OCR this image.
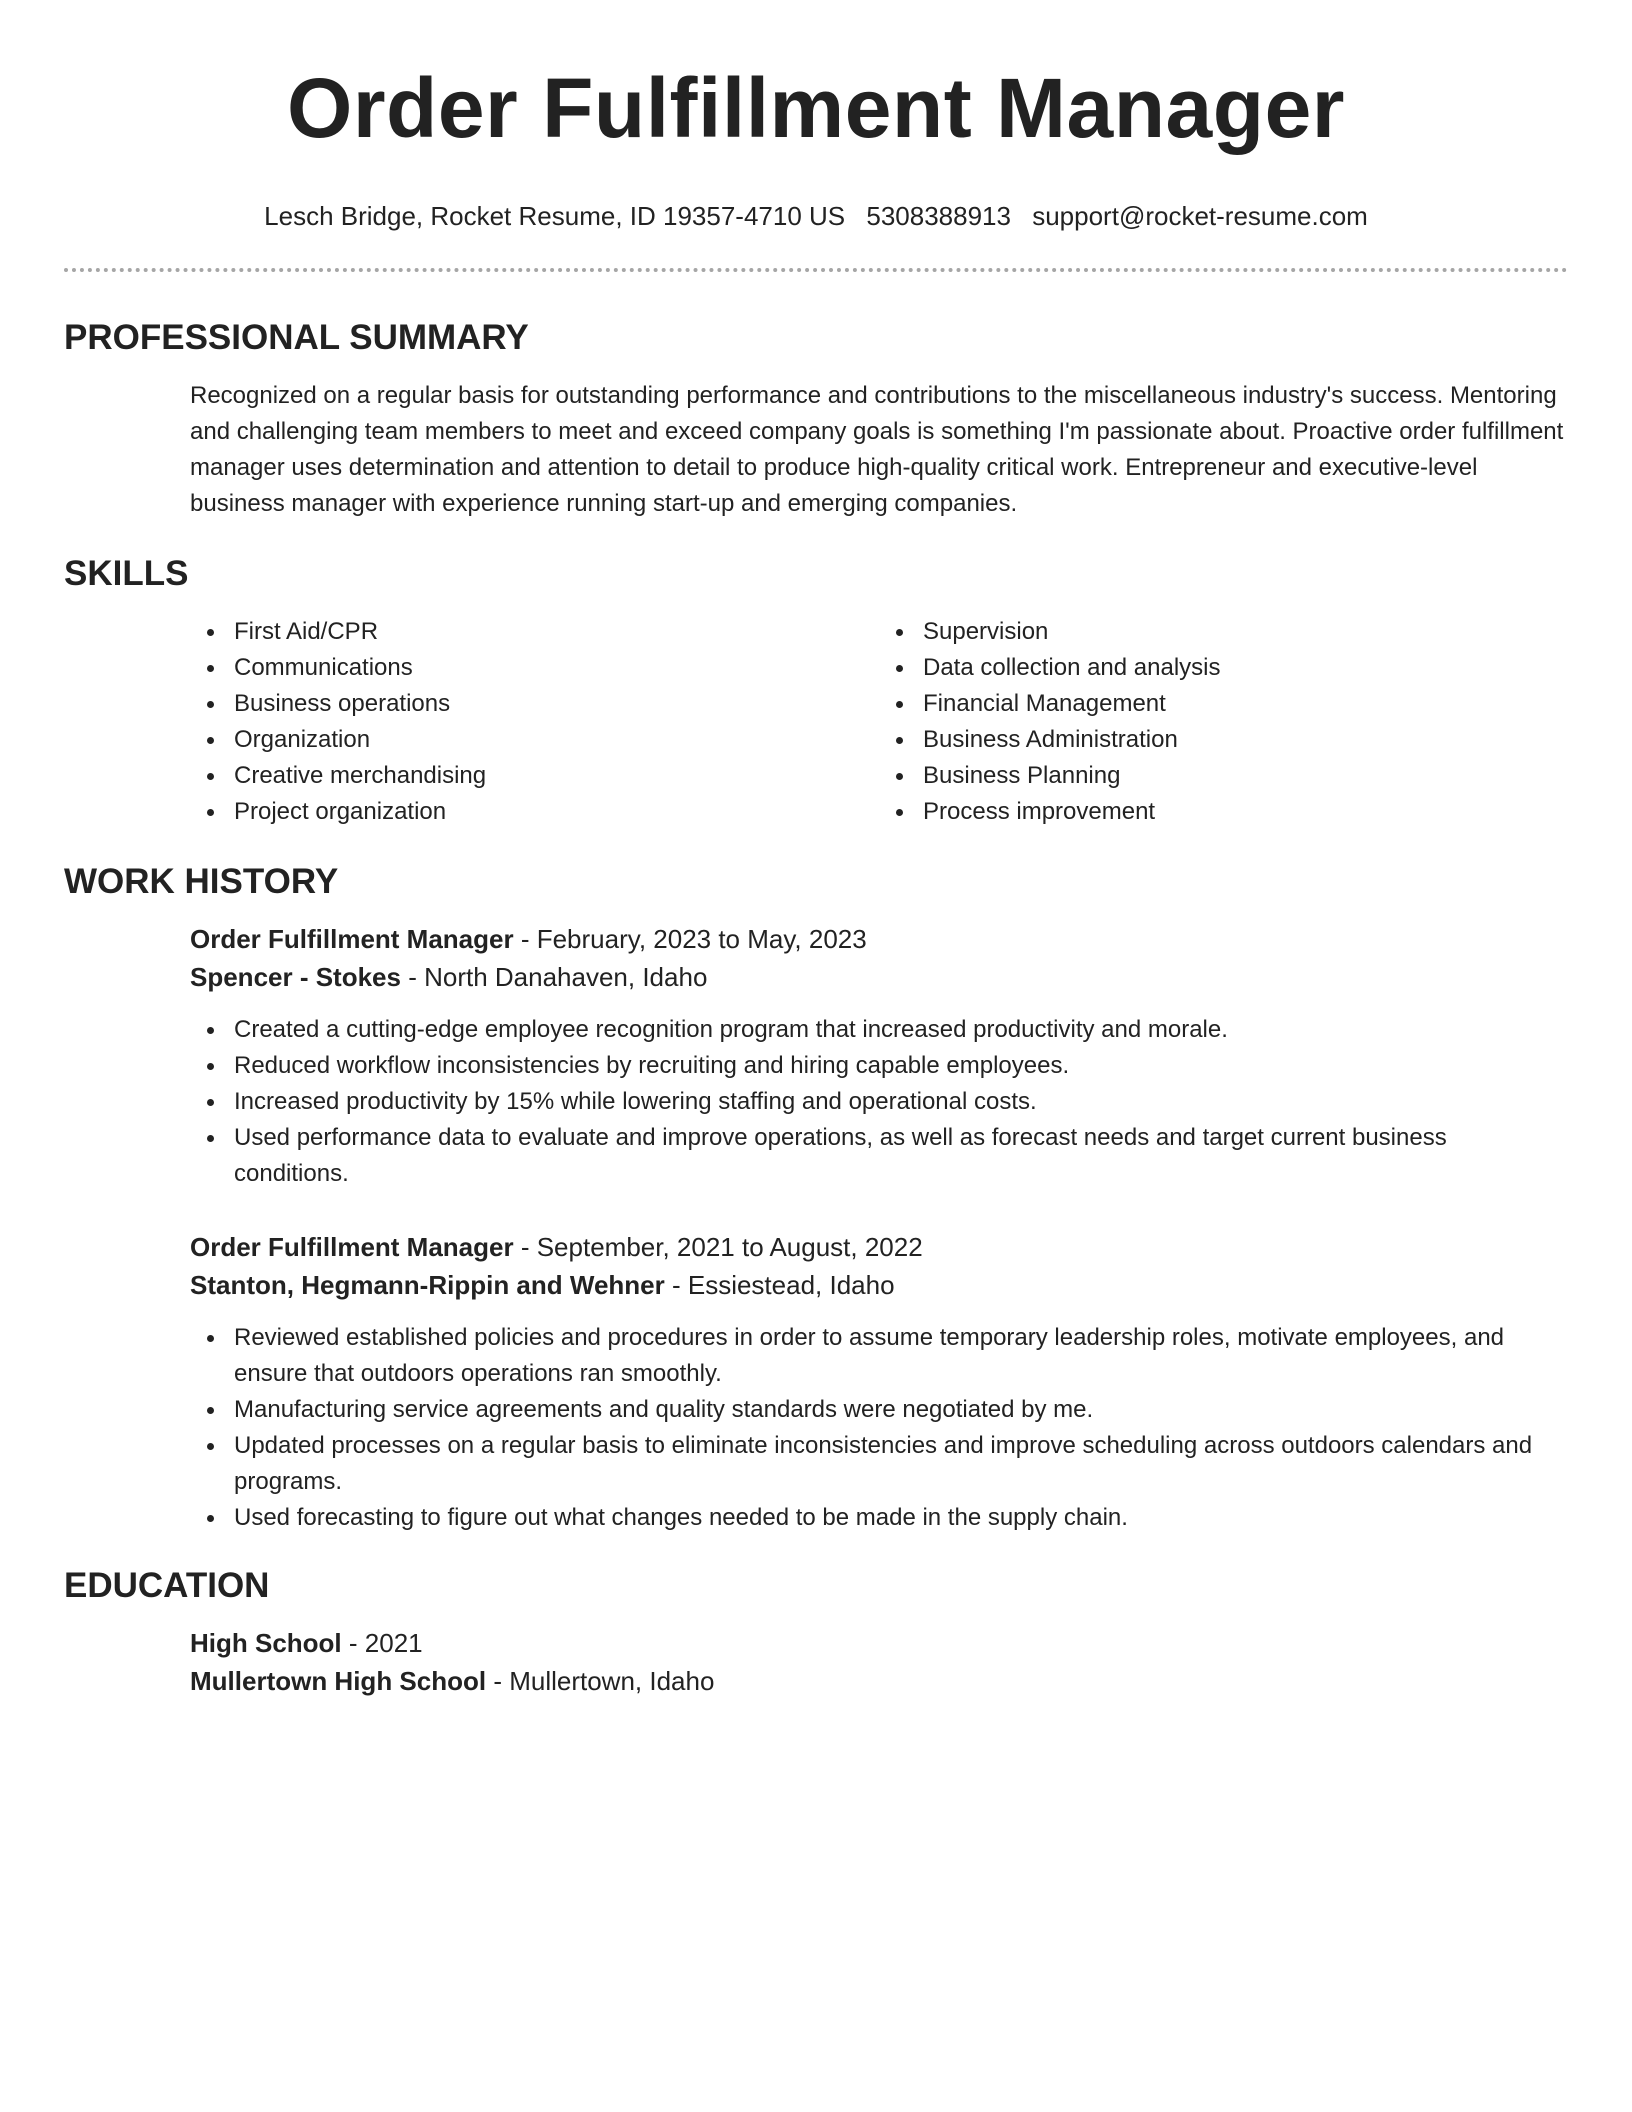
Order Fulfillment Manager
Lesch Bridge, Rocket Resume, ID 19357-4710 US 5308388913 support@rocket-resume.com
PROFESSIONAL SUMMARY

Recognized on a regular basis for outstanding performance and contributions to the miscellaneous industry's success. Mentoring and challenging team members to meet and exceed company goals is something I'm passionate about. Proactive order fulfillment manager uses determination and attention to detail to produce high-quality critical work. Entrepreneur and executive-level business manager with experience running start-up and emerging companies.

SKILLS
First Aid/CPR
Communications
Business operations
Organization
Creative merchandising
Project organization
Supervision
Data collection and analysis
Financial Management
Business Administration
Business Planning
Process improvement
WORK HISTORY
Order Fulfillment Manager - February, 2023 to May, 2023
Spencer - Stokes - North Danahaven, Idaho
Created a cutting-edge employee recognition program that increased productivity and morale.
Reduced workflow inconsistencies by recruiting and hiring capable employees.
Increased productivity by 15% while lowering staffing and operational costs.
Used performance data to evaluate and improve operations, as well as forecast needs and target current business conditions.
Order Fulfillment Manager - September, 2021 to August, 2022
Stanton, Hegmann-Rippin and Wehner - Essiestead, Idaho
Reviewed established policies and procedures in order to assume temporary leadership roles, motivate employees, and ensure that outdoors operations ran smoothly.
Manufacturing service agreements and quality standards were negotiated by me.
Updated processes on a regular basis to eliminate inconsistencies and improve scheduling across outdoors calendars and programs.
Used forecasting to figure out what changes needed to be made in the supply chain.
EDUCATION
High School - 2021
Mullertown High School - Mullertown, Idaho
